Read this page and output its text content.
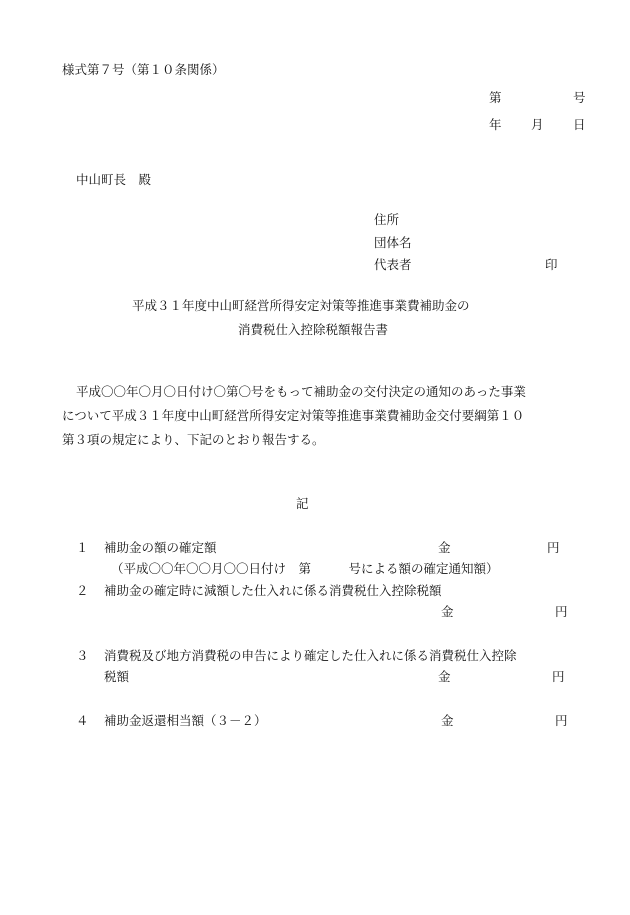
様式第７号（第１０条関係）
第	号
年 月 日
中山町長　殿
住所
団体名
代表者	印
平成３１年度中山町経営所得安定対策等推進事業費補助金の
消費税仕入控除税額報告書
平成〇〇年〇月〇日付け〇第〇号をもって補助金の交付決定の通知のあった事業
について平成３１年度中山町経営所得安定対策等推進事業費補助金交付要綱第１０
第３項の規定により、下記のとおり報告する。
記
１ 補助金の額の確定額	金	円
（平成〇〇年〇〇月〇〇日付け　第　　　号による額の確定通知額）
２ 補助金の確定時に減額した仕入れに係る消費税仕入控除税額
金	円
３ 消費税及び地方消費税の申告により確定した仕入れに係る消費税仕入控除
税額	金	円
４ 補助金返還相当額（３－２）	金	円
